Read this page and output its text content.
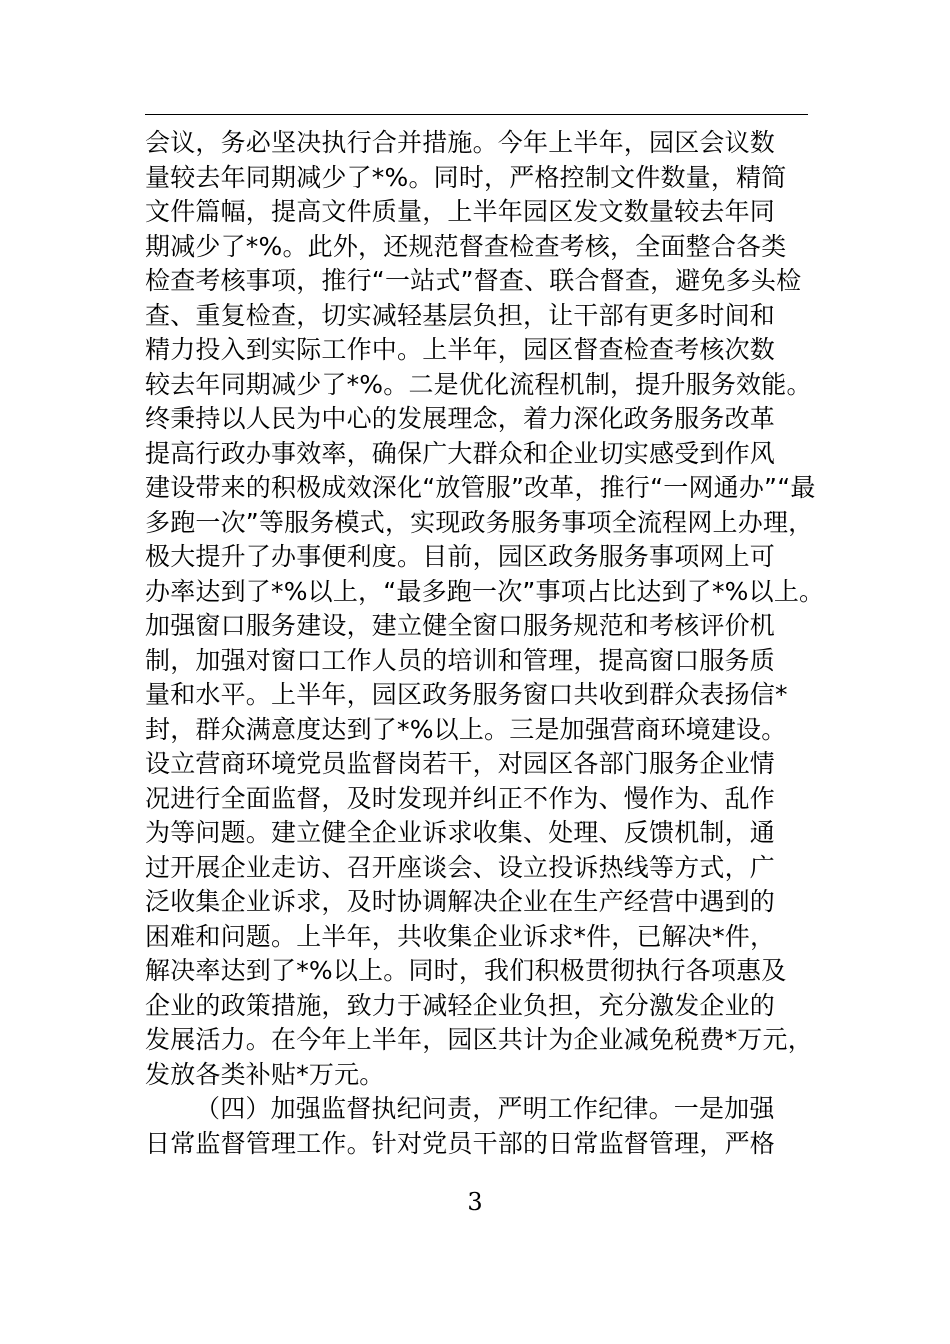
会议，务必坚决执行合并措施。今年上半年，园区会议数
量较去年同期减少了*%。同时，严格控制文件数量，精简
文件篇幅，提高文件质量，上半年园区发文数量较去年同
期减少了*%。此外，还规范督查检查考核，全面整合各类
检查考核事项，推行“一站式”督查、联合督查，避免多头检
查、重复检查，切实减轻基层负担，让干部有更多时间和
精力投入到实际工作中。上半年，园区督查检查考核次数
较去年同期减少了*%。二是优化流程机制，提升服务效能。
终秉持以人民为中心的发展理念，着力深化政务服务改革
提高行政办事效率，确保广大群众和企业切实感受到作风
建设带来的积极成效深化“放管服”改革，推行“一网通办”“最
多跑一次”等服务模式，实现政务服务事项全流程网上办理，
极大提升了办事便利度。目前，园区政务服务事项网上可
办率达到了*%以上，“最多跑一次”事项占比达到了*%以上。
加强窗口服务建设，建立健全窗口服务规范和考核评价机
制，加强对窗口工作人员的培训和管理，提高窗口服务质
量和水平。上半年，园区政务服务窗口共收到群众表扬信*
封，群众满意度达到了*%以上。三是加强营商环境建设。
设立营商环境党员监督岗若干，对园区各部门服务企业情
况进行全面监督，及时发现并纠正不作为、慢作为、乱作
为等问题。建立健全企业诉求收集、处理、反馈机制，通
过开展企业走访、召开座谈会、设立投诉热线等方式，广
泛收集企业诉求，及时协调解决企业在生产经营中遇到的
困难和问题。上半年，共收集企业诉求*件，已解决*件，
解决率达到了*%以上。同时，我们积极贯彻执行各项惠及
企业的政策措施，致力于减轻企业负担，充分激发企业的
发展活力。在今年上半年，园区共计为企业减免税费*万元，
发放各类补贴*万元。
（四）加强监督执纪问责，严明工作纪律。一是加强
日常监督管理工作。针对党员干部的日常监督管理，严格
3
